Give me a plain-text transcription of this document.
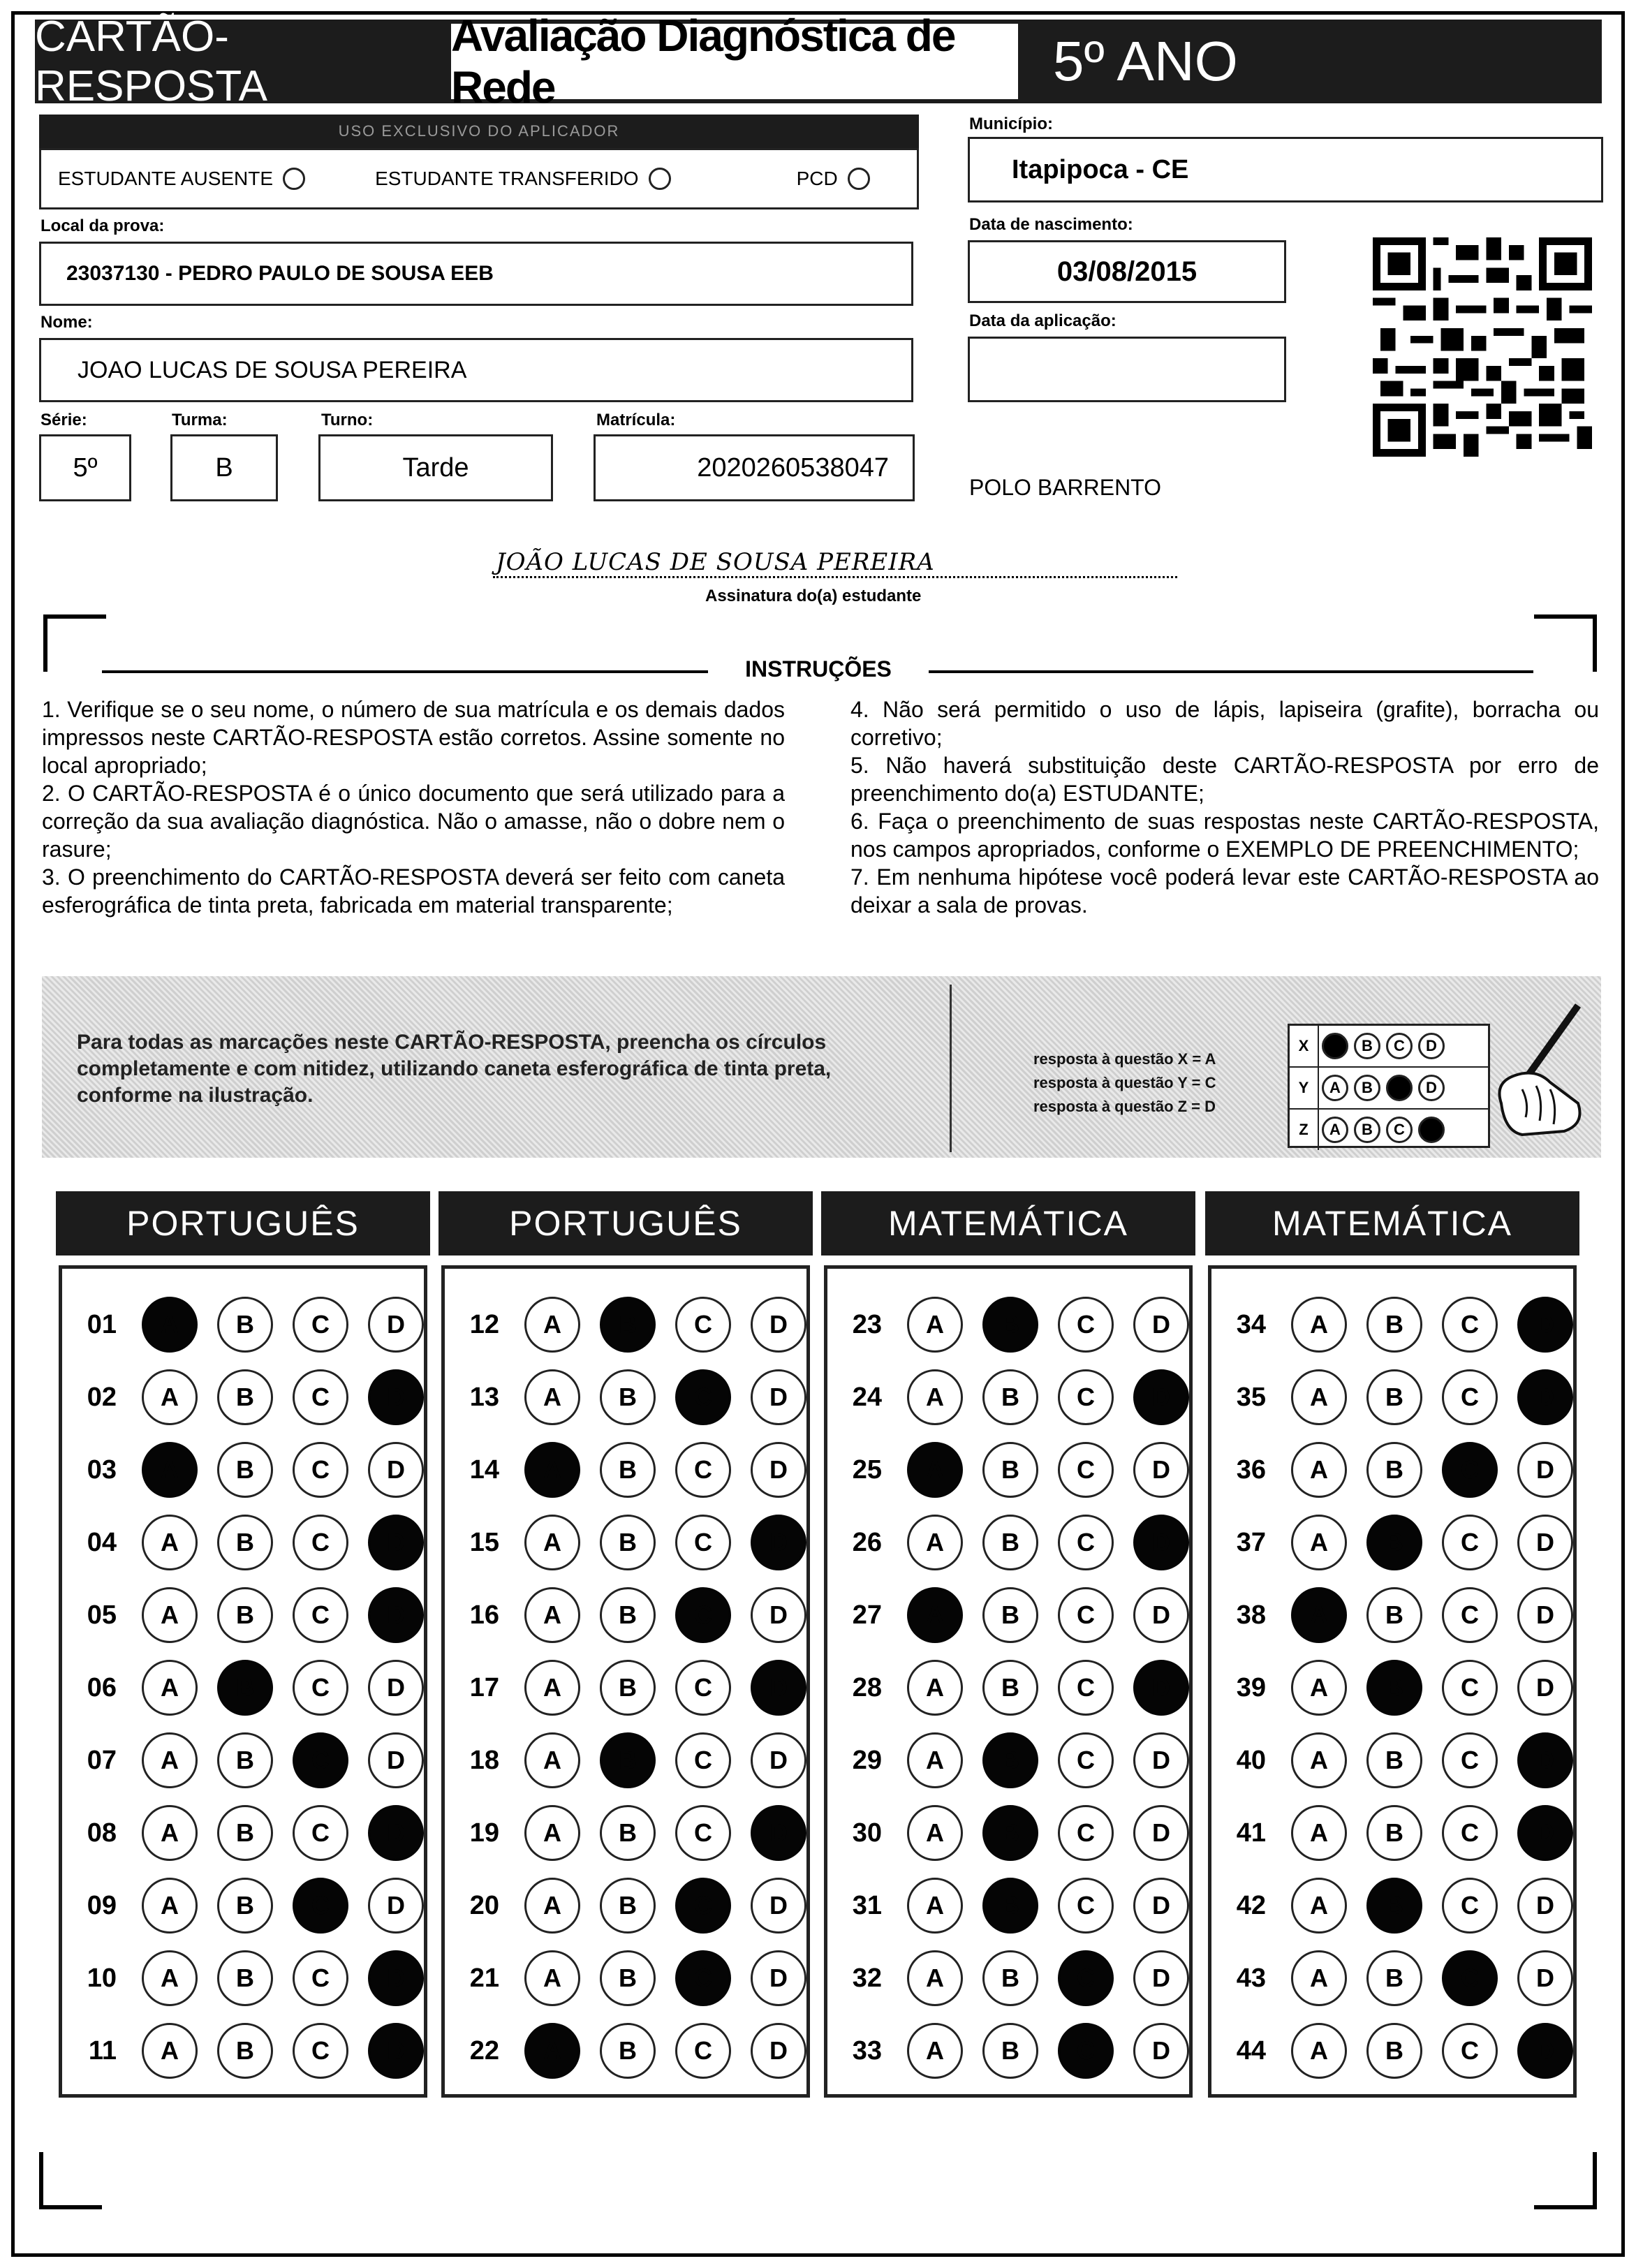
CARTÃO-RESPOSTA
Avaliação Diagnóstica de Rede	5º ANO
USO EXCLUSIVO DO APLICADOR
ESTUDANTE AUSENTE	ESTUDANTE TRANSFERIDO	PCD
Local da prova:
23037130 - PEDRO PAULO DE SOUSA EEB
Nome:
JOAO LUCAS DE SOUSA PEREIRA
Série:
5º
Turma:
B
Turno:
Tarde
Matrícula:
2020260538047
Município:
Itapipoca - CE
Data de nascimento:
03/08/2015
Data da aplicação:
POLO BARRENTO
JOÃO LUCAS DE SOUSA PEREIRA
Assinatura do(a) estudante
INSTRUÇÕES
1. Verifique se o seu nome, o número de sua matrícula e os demais dados impressos neste CARTÃO-RESPOSTA estão corretos. Assine somente no local apropriado;
2. O CARTÃO-RESPOSTA é o único documento que será utilizado para a correção da sua avaliação diagnóstica. Não o amasse, não o dobre nem o rasure;
3. O preenchimento do CARTÃO-RESPOSTA deverá ser feito com caneta esferográfica de tinta preta, fabricada em material transparente;
4. Não será permitido o uso de lápis, lapiseira (grafite), borracha ou corretivo;
5. Não haverá substituição deste CARTÃO-RESPOSTA por erro de preenchimento do(a) ESTUDANTE;
6. Faça o preenchimento de suas respostas neste CARTÃO-RESPOSTA, nos campos apropriados, conforme o EXEMPLO DE PREENCHIMENTO;
7. Em nenhuma hipótese você poderá levar este CARTÃO-RESPOSTA ao deixar a sala de provas.
Para todas as marcações neste CARTÃO-RESPOSTA, preencha os círculos completamente e com nitidez, utilizando caneta esferográfica de tinta preta, conforme na ilustração.
resposta à questão X = A
resposta à questão Y = C
resposta à questão Z = D
X	A	B	C	D
Y	A	B	C	D
Z	A	B	C	D
PORTUGUÊS
01	A	B	C	D
02	A	B	C	D
03	A	B	C	D
04	A	B	C	D
05	A	B	C	D
06	A	B	C	D
07	A	B	C	D
08	A	B	C	D
09	A	B	C	D
10	A	B	C	D
11	A	B	C	D
PORTUGUÊS
12	A	B	C	D
13	A	B	C	D
14	A	B	C	D
15	A	B	C	D
16	A	B	C	D
17	A	B	C	D
18	A	B	C	D
19	A	B	C	D
20	A	B	C	D
21	A	B	C	D
22	A	B	C	D
MATEMÁTICA
23	A	B	C	D
24	A	B	C	D
25	A	B	C	D
26	A	B	C	D
27	A	B	C	D
28	A	B	C	D
29	A	B	C	D
30	A	B	C	D
31	A	B	C	D
32	A	B	C	D
33	A	B	C	D
MATEMÁTICA
34	A	B	C	D
35	A	B	C	D
36	A	B	C	D
37	A	B	C	D
38	A	B	C	D
39	A	B	C	D
40	A	B	C	D
41	A	B	C	D
42	A	B	C	D
43	A	B	C	D
44	A	B	C	D
